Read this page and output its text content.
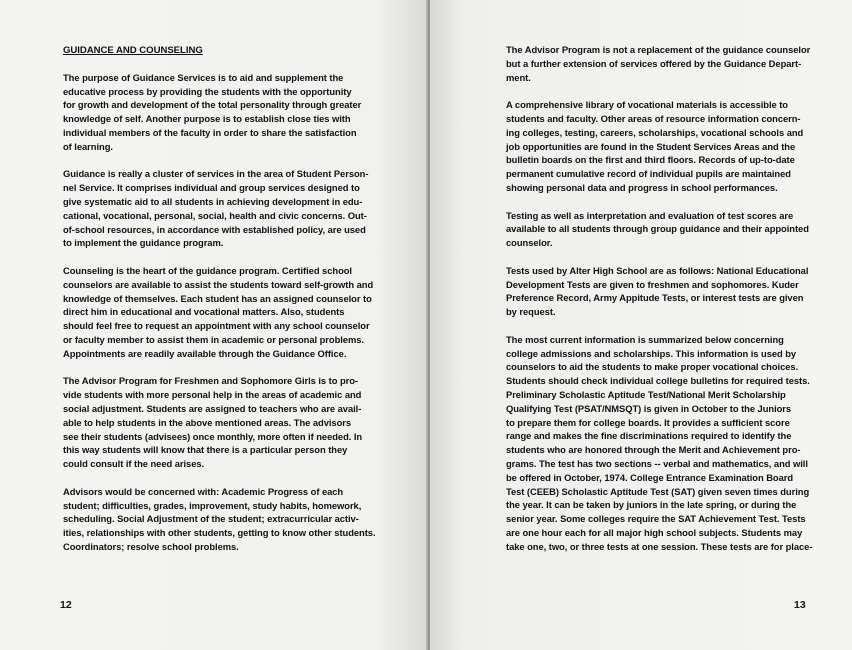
GUIDANCE AND COUNSELING
The purpose of Guidance Services is to aid and supplement the
educative process by providing the students with the opportunity
for growth and development of the total personality through greater
knowledge of self. Another purpose is to establish close ties with
individual members of the faculty in order to share the satisfaction
of learning.
Guidance is really a cluster of services in the area of Student Person-
nel Service. It comprises individual and group services designed to
give systematic aid to all students in achieving development in edu-
cational, vocational, personal, social, health and civic concerns. Out-
of-school resources, in accordance with established policy, are used
to implement the guidance program.
Counseling is the heart of the guidance program. Certified school
counselors are available to assist the students toward self-growth and
knowledge of themselves. Each student has an assigned counselor to
direct him in educational and vocational matters. Also, students
should feel free to request an appointment with any school counselor
or faculty member to assist them in academic or personal problems.
Appointments are readily available through the Guidance Office.
The Advisor Program for Freshmen and Sophomore Girls is to pro-
vide students with more personal help in the areas of academic and
social adjustment. Students are assigned to teachers who are avail-
able to help students in the above mentioned areas. The advisors
see their students (advisees) once monthly, more often if needed. In
this way students will know that there is a particular person they
could consult if the need arises.
Advisors would be concerned with: Academic Progress of each
student; difficulties, grades, improvement, study habits, homework,
scheduling. Social Adjustment of the student; extracurricular activ-
ities, relationships with other students, getting to know other students.
Coordinators; resolve school problems.
12
The Advisor Program is not a replacement of the guidance counselor
but a further extension of services offered by the Guidance Depart-
ment.
A comprehensive library of vocational materials is accessible to
students and faculty. Other areas of resource information concern-
ing colleges, testing, careers, scholarships, vocational schools and
job opportunities are found in the Student Services Areas and the
bulletin boards on the first and third floors. Records of up-to-date
permanent cumulative record of individual pupils are maintained
showing personal data and progress in school performances.
Testing as well as interpretation and evaluation of test scores are
available to all students through group guidance and their appointed
counselor.
Tests used by Alter High School are as follows: National Educational
Development Tests are given to freshmen and sophomores. Kuder
Preference Record, Army Appitude Tests, or interest tests are given
by request.
The most current information is summarized below concerning
college admissions and scholarships. This information is used by
counselors to aid the students to make proper vocational choices.
Students should check individual college bulletins for required tests.
Preliminary Scholastic Aptitude Test/National Merit Scholarship
Qualifying Test (PSAT/NMSQT) is given in October to the Juniors
to prepare them for college boards. It provides a sufficient score
range and makes the fine discriminations required to identify the
students who are honored through the Merit and Achievement pro-
grams. The test has two sections -- verbal and mathematics, and will
be offered in October, 1974. College Entrance Examination Board
Test (CEEB) Scholastic Aptitude Test (SAT) given seven times during
the year. It can be taken by juniors in the late spring, or during the
senior year. Some colleges require the SAT Achievement Test. Tests
are one hour each for all major high school subjects. Students may
take one, two, or three tests at one session. These tests are for place-
13
